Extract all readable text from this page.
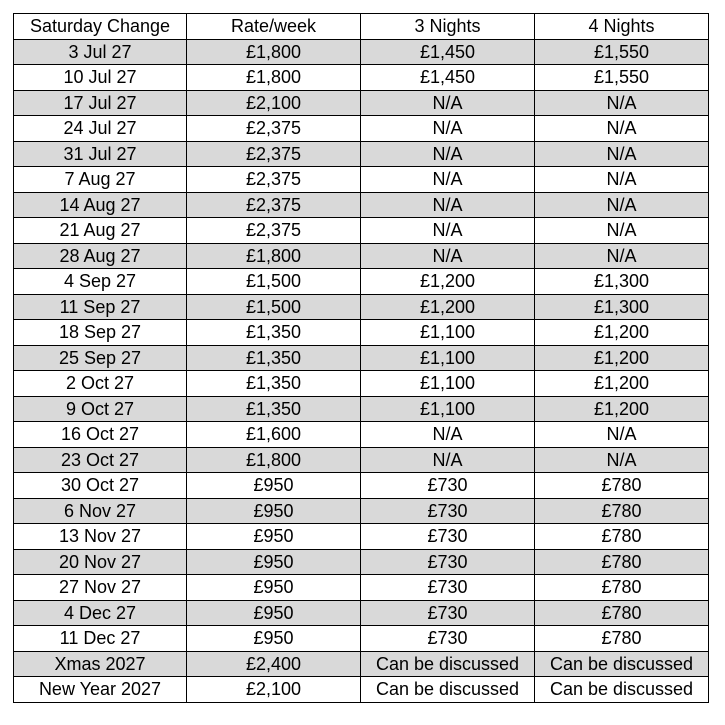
Saturday Change	Rate/week	3 Nights	4 Nights
3 Jul 27	£1,800	£1,450	£1,550
10 Jul 27	£1,800	£1,450	£1,550
17 Jul 27	£2,100	N/A	N/A
24 Jul 27	£2,375	N/A	N/A
31 Jul 27	£2,375	N/A	N/A
7 Aug 27	£2,375	N/A	N/A
14 Aug 27	£2,375	N/A	N/A
21 Aug 27	£2,375	N/A	N/A
28 Aug 27	£1,800	N/A	N/A
4 Sep 27	£1,500	£1,200	£1,300
11 Sep 27	£1,500	£1,200	£1,300
18 Sep 27	£1,350	£1,100	£1,200
25 Sep 27	£1,350	£1,100	£1,200
2 Oct 27	£1,350	£1,100	£1,200
9 Oct 27	£1,350	£1,100	£1,200
16 Oct 27	£1,600	N/A	N/A
23 Oct 27	£1,800	N/A	N/A
30 Oct 27	£950	£730	£780
6 Nov 27	£950	£730	£780
13 Nov 27	£950	£730	£780
20 Nov 27	£950	£730	£780
27 Nov 27	£950	£730	£780
4 Dec 27	£950	£730	£780
11 Dec 27	£950	£730	£780
Xmas 2027	£2,400	Can be discussed	Can be discussed
New Year 2027	£2,100	Can be discussed	Can be discussed
